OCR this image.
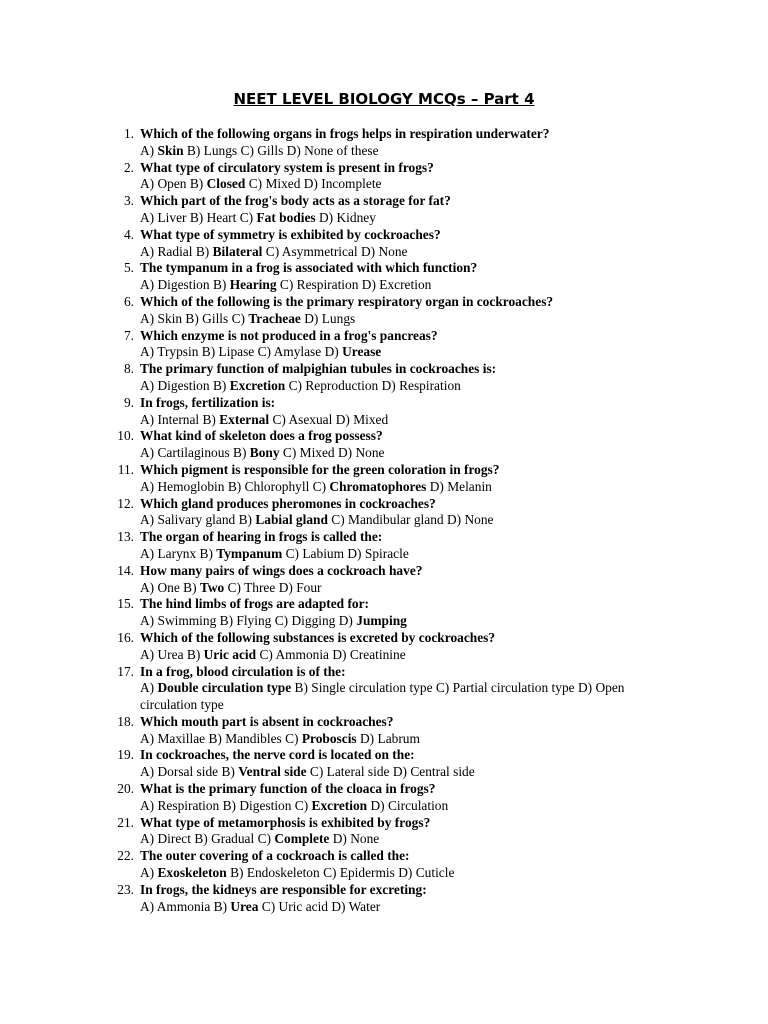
NEET LEVEL BIOLOGY MCQs – Part 4
1. Which of the following organs in frogs helps in respiration underwater?
A) Skin B) Lungs C) Gills D) None of these
2. What type of circulatory system is present in frogs?
A) Open B) Closed C) Mixed D) Incomplete
3. Which part of the frog's body acts as a storage for fat?
A) Liver B) Heart C) Fat bodies D) Kidney
4. What type of symmetry is exhibited by cockroaches?
A) Radial B) Bilateral C) Asymmetrical D) None
5. The tympanum in a frog is associated with which function?
A) Digestion B) Hearing C) Respiration D) Excretion
6. Which of the following is the primary respiratory organ in cockroaches?
A) Skin B) Gills C) Tracheae D) Lungs
7. Which enzyme is not produced in a frog's pancreas?
A) Trypsin B) Lipase C) Amylase D) Urease
8. The primary function of malpighian tubules in cockroaches is:
A) Digestion B) Excretion C) Reproduction D) Respiration
9. In frogs, fertilization is:
A) Internal B) External C) Asexual D) Mixed
10. What kind of skeleton does a frog possess?
A) Cartilaginous B) Bony C) Mixed D) None
11. Which pigment is responsible for the green coloration in frogs?
A) Hemoglobin B) Chlorophyll C) Chromatophores D) Melanin
12. Which gland produces pheromones in cockroaches?
A) Salivary gland B) Labial gland C) Mandibular gland D) None
13. The organ of hearing in frogs is called the:
A) Larynx B) Tympanum C) Labium D) Spiracle
14. How many pairs of wings does a cockroach have?
A) One B) Two C) Three D) Four
15. The hind limbs of frogs are adapted for:
A) Swimming B) Flying C) Digging D) Jumping
16. Which of the following substances is excreted by cockroaches?
A) Urea B) Uric acid C) Ammonia D) Creatinine
17. In a frog, blood circulation is of the:
A) Double circulation type B) Single circulation type C) Partial circulation type D) Open circulation type
18. Which mouth part is absent in cockroaches?
A) Maxillae B) Mandibles C) Proboscis D) Labrum
19. In cockroaches, the nerve cord is located on the:
A) Dorsal side B) Ventral side C) Lateral side D) Central side
20. What is the primary function of the cloaca in frogs?
A) Respiration B) Digestion C) Excretion D) Circulation
21. What type of metamorphosis is exhibited by frogs?
A) Direct B) Gradual C) Complete D) None
22. The outer covering of a cockroach is called the:
A) Exoskeleton B) Endoskeleton C) Epidermis D) Cuticle
23. In frogs, the kidneys are responsible for excreting:
A) Ammonia B) Urea C) Uric acid D) Water
